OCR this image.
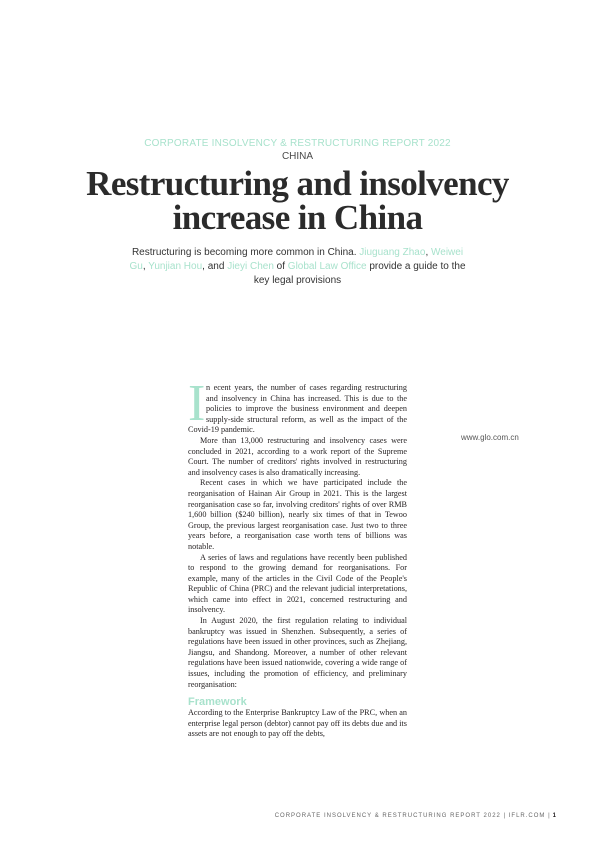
CORPORATE INSOLVENCY & RESTRUCTURING REPORT 2022
CHINA
Restructuring and insolvency
increase in China

Restructuring is becoming more common in China. Jiuguang Zhao, Weiwei Gu, Yunjian Hou, and Jieyi Chen of Global Law Office provide a guide to the key legal provisions

www.glo.com.cn

In ecent years, the number of cases regarding restructuring and insolvency in China has increased. This is due to the policies to improve the business environment and deepen supply-side structural reform, as well as the impact of the Covid-19 pandemic.

More than 13,000 restructuring and insolvency cases were concluded in 2021, according to a work report of the Supreme Court. The number of creditors' rights involved in restructuring and insolvency cases is also dramatically increasing.

Recent cases in which we have participated include the reorganisation of Hainan Air Group in 2021. This is the largest reorganisation case so far, involving creditors' rights of over RMB 1,600 billion ($240 billion), nearly six times of that in Tewoo Group, the previous largest reorganisation case. Just two to three years before, a reorganisation case worth tens of billions was notable.

A series of laws and regulations have recently been published to respond to the growing demand for reorganisations. For example, many of the articles in the Civil Code of the People's Republic of China (PRC) and the relevant judicial interpretations, which came into effect in 2021, concerned restructuring and insolvency.

In August 2020, the first regulation relating to individual bankruptcy was issued in Shenzhen. Subsequently, a series of regulations have been issued in other provinces, such as Zhejiang, Jiangsu, and Shandong. Moreover, a number of other relevant regulations have been issued nationwide, covering a wide range of issues, including the promotion of efficiency, and preliminary reorganisation:

Framework

According to the Enterprise Bankruptcy Law of the PRC, when an enterprise legal person (debtor) cannot pay off its debts due and its assets are not enough to pay off the debts,

CORPORATE INSOLVENCY & RESTRUCTURING REPORT 2022 | IFLR.COM | 1
